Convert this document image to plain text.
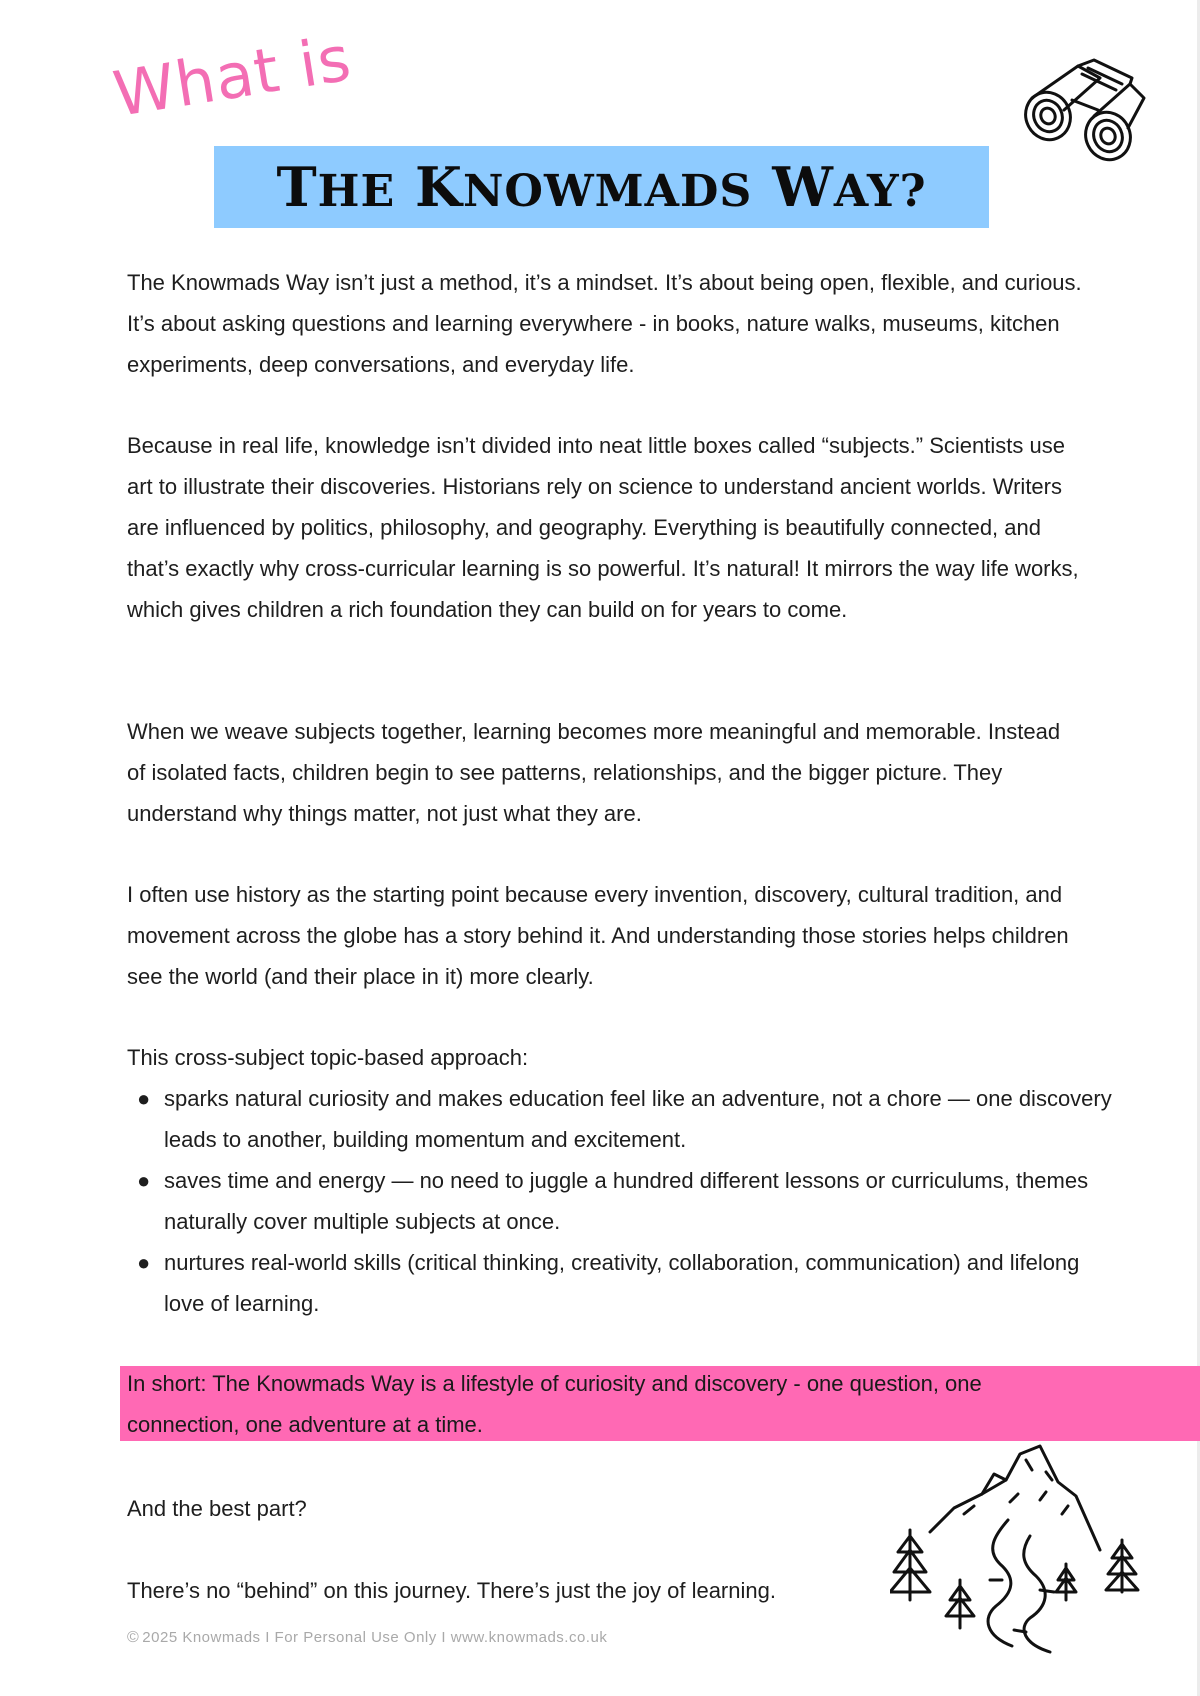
What is
THE KNOWMADS WAY?

The Knowmads Way isn’t just a method, it’s a mindset. It’s about being open, flexible, and curious. It’s about asking questions and learning everywhere - in books, nature walks, museums, kitchen experiments, deep conversations, and everyday life.

Because in real life, knowledge isn’t divided into neat little boxes called “subjects.” Scientists use art to illustrate their discoveries. Historians rely on science to understand ancient worlds. Writers are influenced by politics, philosophy, and geography. Everything is beautifully connected, and that’s exactly why cross-curricular learning is so powerful. It’s natural! It mirrors the way life works, which gives children a rich foundation they can build on for years to come.

When we weave subjects together, learning becomes more meaningful and memorable. Instead of isolated facts, children begin to see patterns, relationships, and the bigger picture. They understand why things matter, not just what they are.

I often use history as the starting point because every invention, discovery, cultural tradition, and movement across the globe has a story behind it. And understanding those stories helps children see the world (and their place in it) more clearly.

This cross-subject topic-based approach:

● sparks natural curiosity and makes education feel like an adventure, not a chore — one discovery leads to another, building momentum and excitement.
● saves time and energy — no need to juggle a hundred different lessons or curriculums, themes naturally cover multiple subjects at once.
● nurtures real-world skills (critical thinking, creativity, collaboration, communication) and lifelong love of learning.

In short: The Knowmads Way is a lifestyle of curiosity and discovery - one question, one connection, one adventure at a time.

And the best part?

There’s no “behind” on this journey. There’s just the joy of learning.

© 2025 Knowmads I For Personal Use Only I www.knowmads.co.uk
